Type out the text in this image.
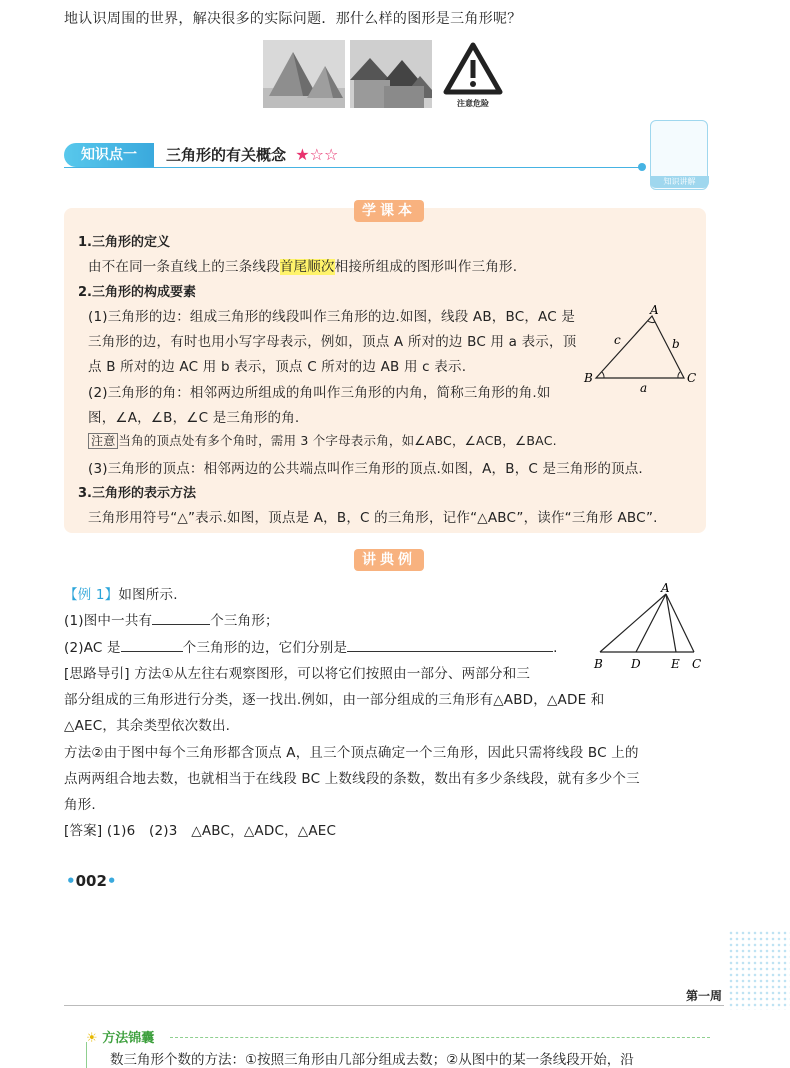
地认识周围的世界，解决很多的实际问题．那什么样的图形是三角形呢？
注意危险
知识点一	三角形的有关概念 ★☆☆
知识讲解
学课本
1.三角形的定义
由不在同一条直线上的三条线段首尾顺次相接所组成的图形叫作三角形.
2.三角形的构成要素
(1)三角形的边：组成三角形的线段叫作三角形的边.如图，线段 AB，BC，AC 是
三角形的边，有时也用小写字母表示，例如，顶点 A 所对的边 BC 用 a 表示，顶
点 B 所对的边 AC 用 b 表示，顶点 C 所对的边 AB 用 c 表示.
(2)三角形的角：相邻两边所组成的角叫作三角形的内角，简称三角形的角.如
图，∠A，∠B，∠C 是三角形的角.
注意 当角的顶点处有多个角时，需用 3 个字母表示角，如∠ABC，∠ACB，∠BAC.
(3)三角形的顶点：相邻两边的公共端点叫作三角形的顶点.如图，A，B，C 是三角形的顶点.
3.三角形的表示方法
三角形用符号“△”表示.如图，顶点是 A，B，C 的三角形，记作“△ABC”，读作“三角形 ABC”.
A
B	C
a
b
c
讲典例
【例 1】如图所示.
(1)图中一共有	个三角形；
(2)AC 是	个三角形的边，它们分别是	.
[思路导引] 方法①从左往右观察图形，可以将它们按照由一部分、两部分和三
部分组成的三角形进行分类，逐一找出.例如，由一部分组成的三角形有△ABD，△ADE 和
△AEC，其余类型依次数出.
方法②由于图中每个三角形都含顶点 A，且三个顶点确定一个三角形，因此只需将线段 BC 上的
点两两组合地去数，也就相当于在线段 BC 上数线段的条数，数出有多少条线段，就有多少个三
角形.
[答案] (1)6　(2)3　△ABC，△ADC，△AEC
A
B D	E C
•002•
第一周
☀ 方法锦囊
数三角形个数的方法：①按照三角形由几部分组成去数；②从图中的某一条线段开始，沿
